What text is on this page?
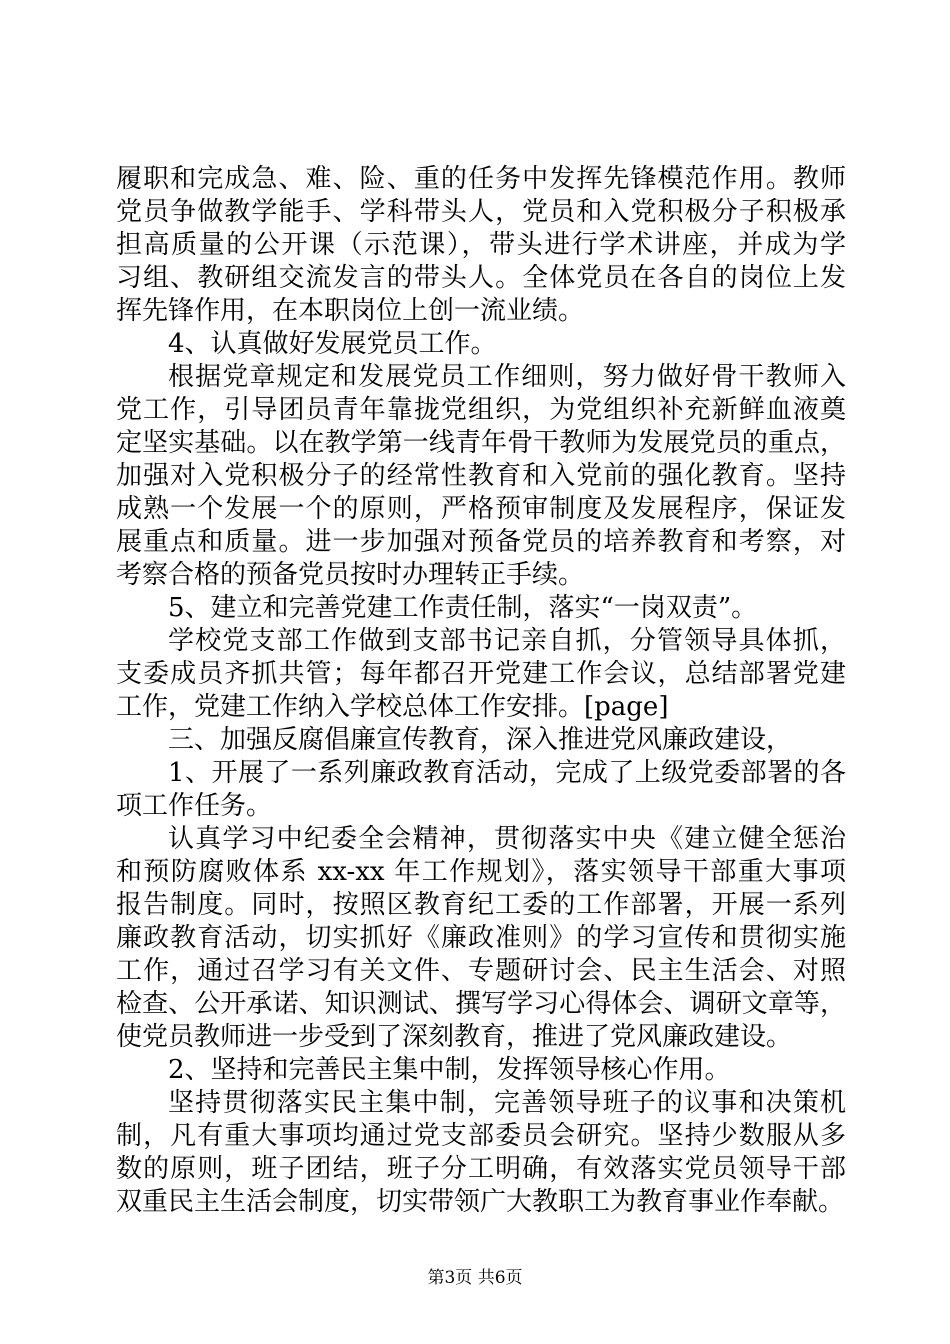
履职和完成急、难、险、重的任务中发挥先锋模范作用。教师
党员争做教学能手、学科带头人，党员和入党积极分子积极承
担高质量的公开课（示范课），带头进行学术讲座，并成为学
习组、教研组交流发言的带头人。全体党员在各自的岗位上发
挥先锋作用，在本职岗位上创一流业绩。
4、认真做好发展党员工作。
根据党章规定和发展党员工作细则，努力做好骨干教师入
党工作，引导团员青年靠拢党组织，为党组织补充新鲜血液奠
定坚实基础。以在教学第一线青年骨干教师为发展党员的重点，
加强对入党积极分子的经常性教育和入党前的强化教育。坚持
成熟一个发展一个的原则，严格预审制度及发展程序，保证发
展重点和质量。进一步加强对预备党员的培养教育和考察，对
考察合格的预备党员按时办理转正手续。
5、建立和完善党建工作责任制，落实“一岗双责”。
学校党支部工作做到支部书记亲自抓，分管领导具体抓，
支委成员齐抓共管；每年都召开党建工作会议，总结部署党建
工作，党建工作纳入学校总体工作安排。[page]
三、加强反腐倡廉宣传教育，深入推进党风廉政建设，
1、开展了一系列廉政教育活动，完成了上级党委部署的各
项工作任务。
认真学习中纪委全会精神，贯彻落实中央《建立健全惩治
和预防腐败体系 xx-xx 年工作规划》，落实领导干部重大事项
报告制度。同时，按照区教育纪工委的工作部署，开展一系列
廉政教育活动，切实抓好《廉政准则》的学习宣传和贯彻实施
工作，通过召学习有关文件、专题研讨会、民主生活会、对照
检查、公开承诺、知识测试、撰写学习心得体会、调研文章等，
使党员教师进一步受到了深刻教育，推进了党风廉政建设。
2、坚持和完善民主集中制，发挥领导核心作用。
坚持贯彻落实民主集中制，完善领导班子的议事和决策机
制，凡有重大事项均通过党支部委员会研究。坚持少数服从多
数的原则，班子团结，班子分工明确，有效落实党员领导干部
双重民主生活会制度，切实带领广大教职工为教育事业作奉献。
第3页 共6页
